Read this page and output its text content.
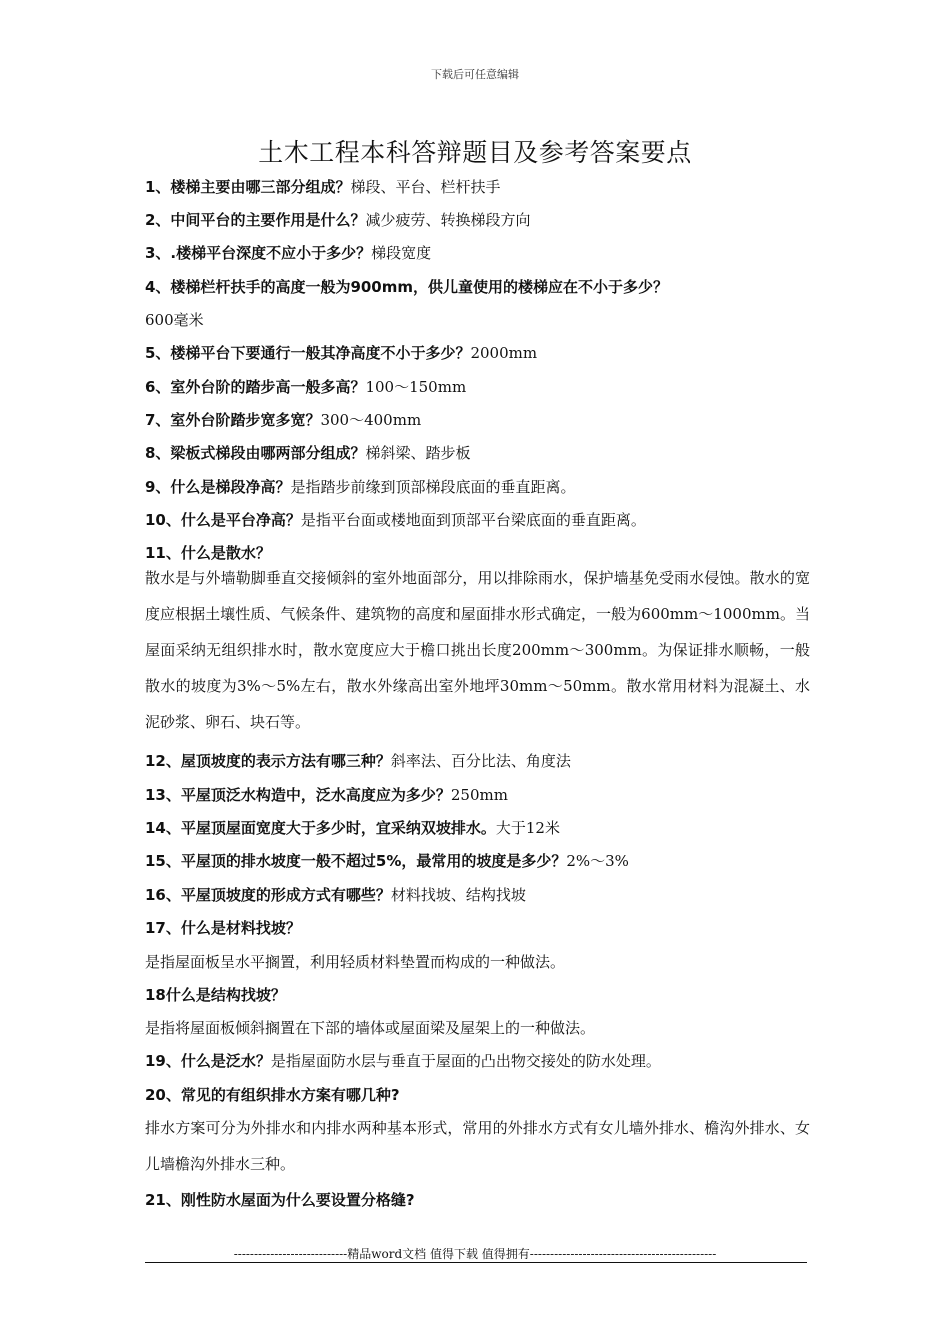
下载后可任意编辑
土木工程本科答辩题目及参考答案要点
1、楼梯主要由哪三部分组成？梯段、平台、栏杆扶手
2、中间平台的主要作用是什么？减少疲劳、转换梯段方向
3、.楼梯平台深度不应小于多少？梯段宽度
4、楼梯栏杆扶手的高度一般为900mm，供儿童使用的楼梯应在不小于多少？
600毫米
5、楼梯平台下要通行一般其净高度不小于多少？2000mm
6、室外台阶的踏步高一般多高？100～150mm
7、室外台阶踏步宽多宽？300～400mm
8、梁板式梯段由哪两部分组成？梯斜梁、踏步板
9、什么是梯段净高？是指踏步前缘到顶部梯段底面的垂直距离。
10、什么是平台净高？是指平台面或楼地面到顶部平台梁底面的垂直距离。
11、什么是散水？
散水是与外墙勒脚垂直交接倾斜的室外地面部分，用以排除雨水，保护墙基免受雨水侵蚀。散水的宽度应根据土壤性质、气候条件、建筑物的高度和屋面排水形式确定，一般为600mm～1000mm。当屋面采纳无组织排水时，散水宽度应大于檐口挑出长度200mm～300mm。为保证排水顺畅，一般散水的坡度为3%～5%左右，散水外缘高出室外地坪30mm～50mm。散水常用材料为混凝土、水泥砂浆、卵石、块石等。
12、屋顶坡度的表示方法有哪三种？斜率法、百分比法、角度法
13、平屋顶泛水构造中，泛水高度应为多少？250mm
14、平屋顶屋面宽度大于多少时，宜采纳双坡排水。大于12米
15、平屋顶的排水坡度一般不超过5%，最常用的坡度是多少？2%～3%
16、平屋顶坡度的形成方式有哪些？材料找坡、结构找坡
17、什么是材料找坡？
是指屋面板呈水平搁置，利用轻质材料垫置而构成的一种做法。
18什么是结构找坡？
是指将屋面板倾斜搁置在下部的墙体或屋面梁及屋架上的一种做法。
19、什么是泛水？是指屋面防水层与垂直于屋面的凸出物交接处的防水处理。
20、常见的有组织排水方案有哪几种?
排水方案可分为外排水和内排水两种基本形式，常用的外排水方式有女儿墙外排水、檐沟外排水、女儿墙檐沟外排水三种。
21、刚性防水屋面为什么要设置分格缝?
----------------------------精品word文档 值得下载 值得拥有----------------------------------------------
